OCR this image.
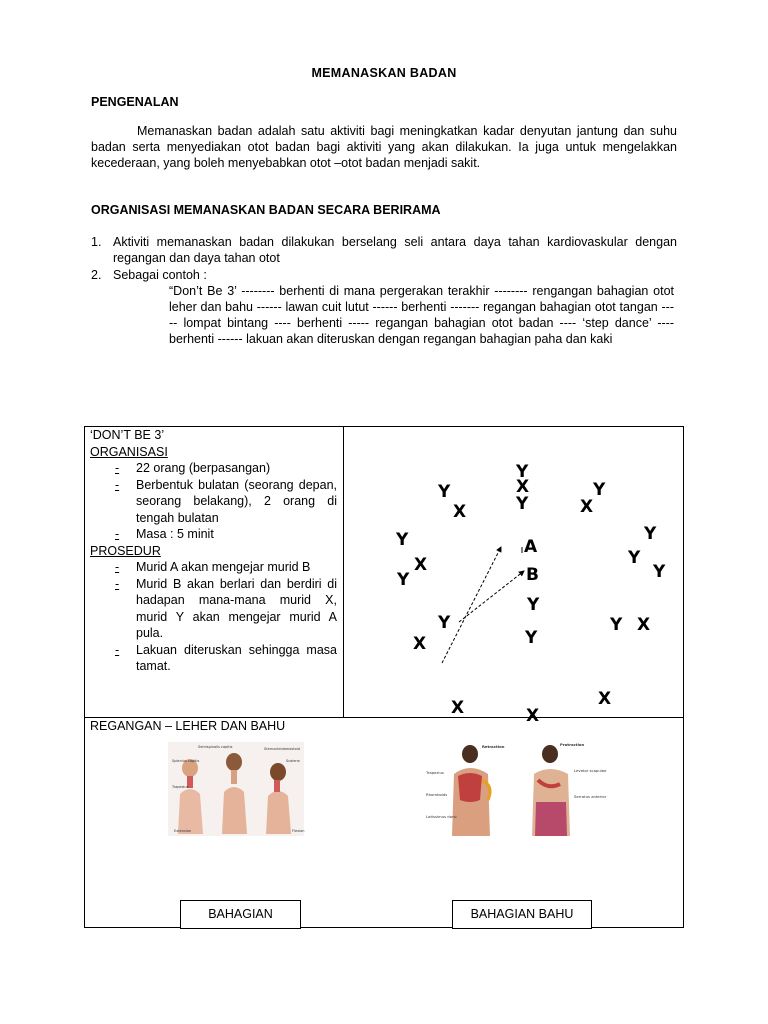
MEMANASKAN BADAN
PENGENALAN
Memanaskan badan adalah satu aktiviti bagi meningkatkan kadar denyutan jantung dan suhu badan serta menyediakan otot badan bagi aktiviti yang akan dilakukan. Ia juga untuk mengelakkan kecederaan, yang boleh menyebabkan otot –otot badan menjadi sakit.
ORGANISASI MEMANASKAN BADAN SECARA BERIRAMA
1. Aktiviti memanaskan badan dilakukan berselang seli antara daya tahan kardiovaskular dengan regangan dan daya tahan otot
2. Sebagai contoh :
“Don’t Be 3’ -------- berhenti di mana pergerakan terakhir -------- rengangan bahagian otot leher dan bahu ------ lawan cuit lutut ------ berhenti ------- regangan bahagian otot tangan ----- lompat bintang ---- berhenti ----- regangan bahagian otot badan ---- ‘step dance’ ---- berhenti ------ lakuan akan diteruskan dengan regangan bahagian paha dan kaki
‘DON’T BE 3’
ORGANISASI
- 22 orang (berpasangan)
- Berbentuk bulatan (seorang depan, seorang belakang), 2 orang di tengah bulatan
- Masa : 5 minit
PROSEDUR
- Murid A akan mengejar murid B
- Murid B akan berlari dan berdiri di hadapan mana-mana murid X, murid Y akan mengejar murid A pula.
- Lakuan diteruskan sehingga masa tamat.
Y
X
Y
Y
X	X
Y
Y
Y
X
Y
Y
Y
A
B
Y
Y
Y
X
Y X
X
X	X
REGANGAN – LEHER DAN BAHU
Semispinalis capitis	Sternocleidomastoid
Splenius capitis	Scalene
Trapezius
Extension	Flexion
Retraction
Trapezius
Rhomboids
Latissimus dorsi
Protraction
Levator scapulae
Serratus anterior
BAHAGIAN	BAHAGIAN BAHU
